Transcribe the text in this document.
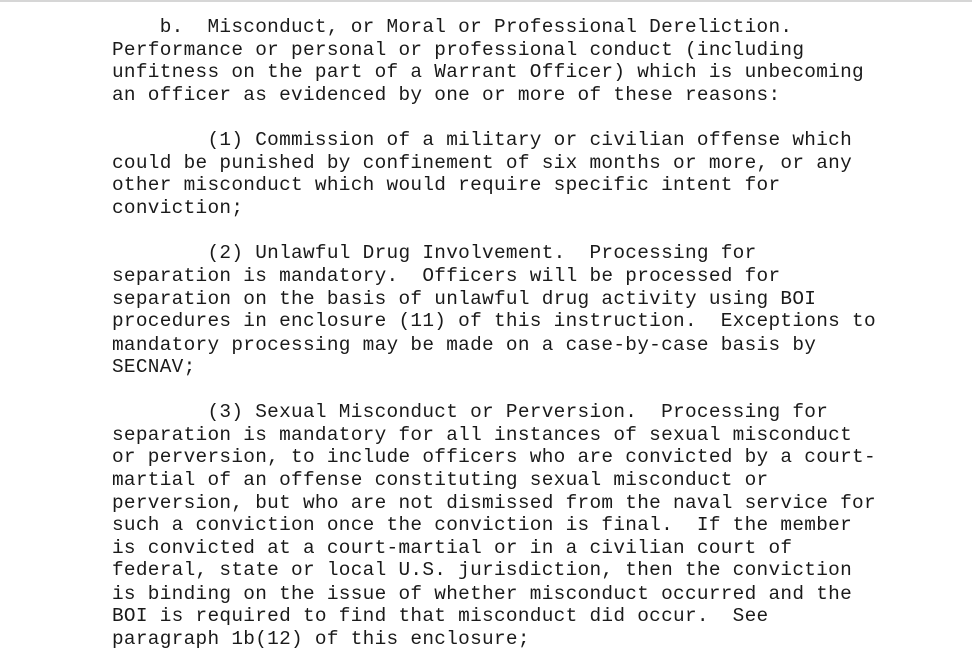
b.  Misconduct, or Moral or Professional Dereliction.
Performance or personal or professional conduct (including
unfitness on the part of a Warrant Officer) which is unbecoming
an officer as evidenced by one or more of these reasons:
(1) Commission of a military or civilian offense which
could be punished by confinement of six months or more, or any
other misconduct which would require specific intent for
conviction;
(2) Unlawful Drug Involvement.  Processing for
separation is mandatory.  Officers will be processed for
separation on the basis of unlawful drug activity using BOI
procedures in enclosure (11) of this instruction.  Exceptions to
mandatory processing may be made on a case-by-case basis by
SECNAV;
(3) Sexual Misconduct or Perversion.  Processing for
separation is mandatory for all instances of sexual misconduct
or perversion, to include officers who are convicted by a court-
martial of an offense constituting sexual misconduct or
perversion, but who are not dismissed from the naval service for
such a conviction once the conviction is final.  If the member
is convicted at a court-martial or in a civilian court of
federal, state or local U.S. jurisdiction, then the conviction
is binding on the issue of whether misconduct occurred and the
BOI is required to find that misconduct did occur.  See
paragraph 1b(12) of this enclosure;
